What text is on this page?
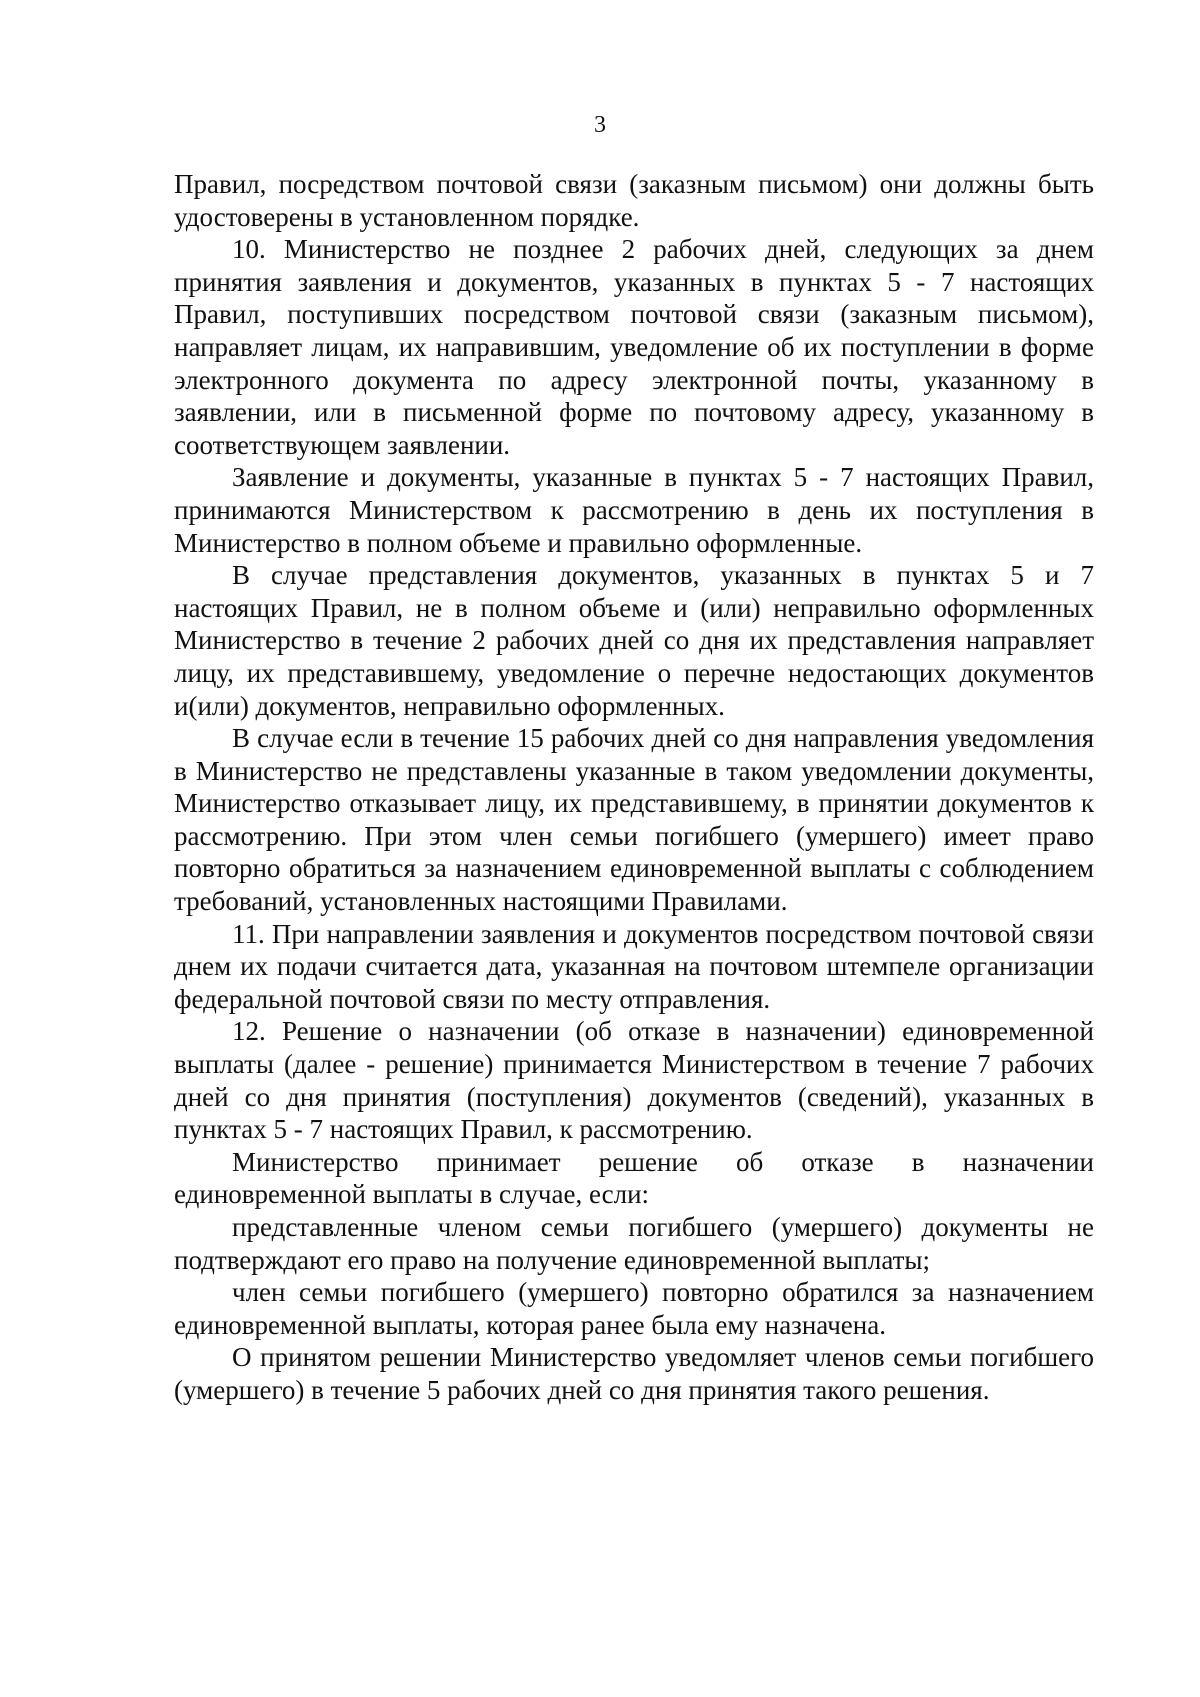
3

Правил, посредством почтовой связи (заказным письмом) они должны быть удостоверены в установленном порядке.

10. Министерство не позднее 2 рабочих дней, следующих за днем принятия заявления и документов, указанных в пунктах 5 - 7 настоящих Правил, поступивших посредством почтовой связи (заказным письмом), направляет лицам, их направившим, уведомление об их поступлении в форме электронного документа по адресу электронной почты, указанному в заявлении, или в письменной форме по почтовому адресу, указанному в соответствующем заявлении.

Заявление и документы, указанные в пунктах 5 - 7 настоящих Правил, принимаются Министерством к рассмотрению в день их поступления в Министерство в полном объеме и правильно оформленные.

В случае представления документов, указанных в пунктах 5 и 7 настоящих Правил, не в полном объеме и (или) неправильно оформленных Министерство в течение 2 рабочих дней со дня их представления направляет лицу, их представившему, уведомление о перечне недостающих документов и(или) документов, неправильно оформленных.

В случае если в течение 15 рабочих дней со дня направления уведомления в Министерство не представлены указанные в таком уведомлении документы, Министерство отказывает лицу, их представившему, в принятии документов к рассмотрению. При этом член семьи погибшего (умершего) имеет право повторно обратиться за назначением единовременной выплаты с соблюдением требований, установленных настоящими Правилами.

11. При направлении заявления и документов посредством почтовой связи днем их подачи считается дата, указанная на почтовом штемпеле организации федеральной почтовой связи по месту отправления.

12. Решение о назначении (об отказе в назначении) единовременной выплаты (далее - решение) принимается Министерством в течение 7 рабочих дней со дня принятия (поступления) документов (сведений), указанных в пунктах 5 - 7 настоящих Правил, к рассмотрению.

Министерство принимает решение об отказе в назначении единовременной выплаты в случае, если:

представленные членом семьи погибшего (умершего) документы не подтверждают его право на получение единовременной выплаты;

член семьи погибшего (умершего) повторно обратился за назначением единовременной выплаты, которая ранее была ему назначена.

О принятом решении Министерство уведомляет членов семьи погибшего (умершего) в течение 5 рабочих дней со дня принятия такого решения.
